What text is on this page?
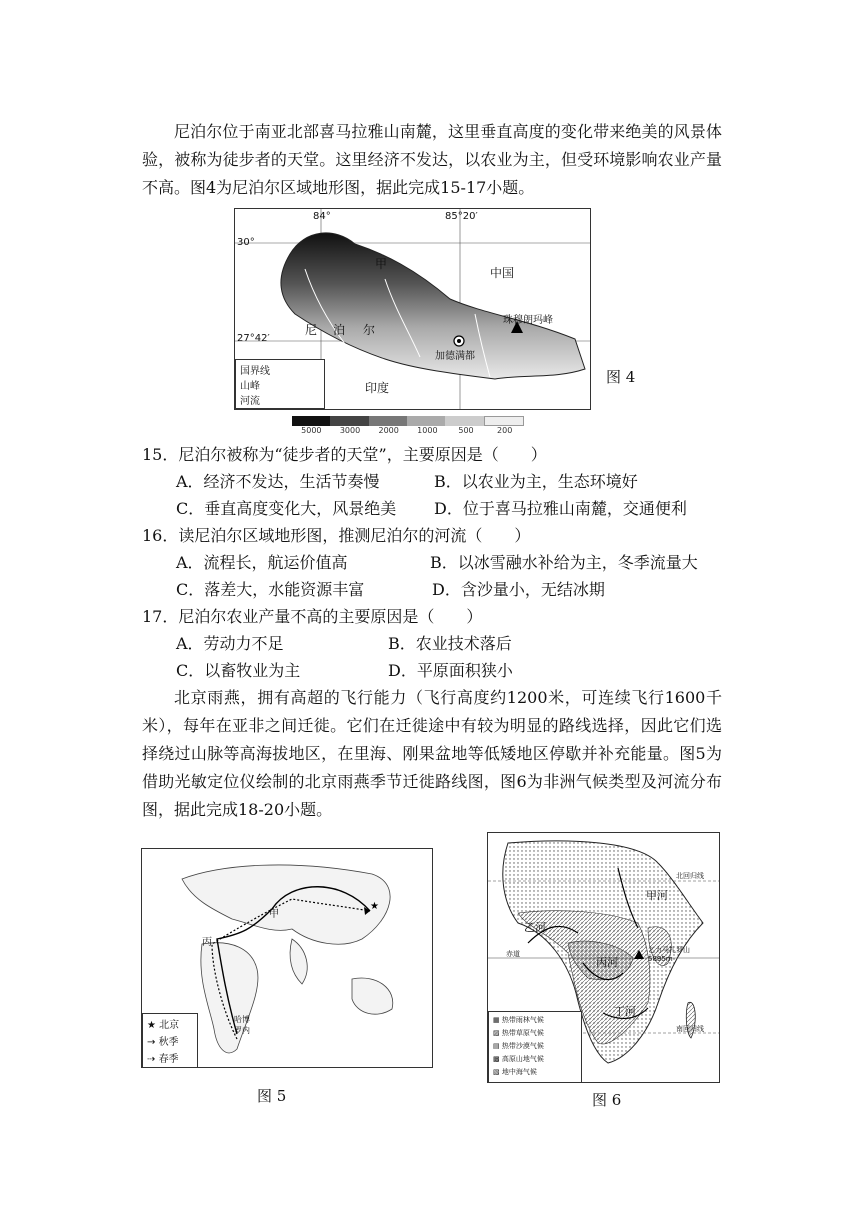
尼泊尔位于南亚北部喜马拉雅山南麓，这里垂直高度的变化带来绝美的风景体验，被称为徒步者的天堂。这里经济不发达，以农业为主，但受环境影响农业产量不高。图4为尼泊尔区域地形图，据此完成15-17小题。
84°	85°20′
30°
27°42′
甲
中国
珠穆朗玛峰
尼 泊 尔
加德满都
印度
国界线
山峰
河流
5000	3000	2000	1000	500	200
图 4
15．尼泊尔被称为“徒步者的天堂”，主要原因是（　　）
A．经济不发达，生活节奏慢	B．以农业为主，生态环境好
C．垂直高度变化大，风景绝美 D．位于喜马拉雅山南麓，交通便利
16．读尼泊尔区域地形图，推测尼泊尔的河流（　　）
A．流程长，航运价值高	B．以冰雪融水补给为主，冬季流量大
C．落差大，水能资源丰富	D．含沙量小，无结冰期
17．尼泊尔农业产量不高的主要原因是（　　）
A．劳动力不足	B．农业技术落后
C．以畜牧业为主	D．平原面积狭小
北京雨燕，拥有高超的飞行能力（飞行高度约1200米，可连续飞行1600千米），每年在亚非之间迁徙。它们在迁徙途中有较为明显的路线选择，因此它们选择绕过山脉等高海拔地区，在里海、刚果盆地等低矮地区停歇并补充能量。图5为借助光敏定位仪绘制的北京雨燕季节迁徙路线图，图6为非洲气候类型及河流分布图，据此完成18-20小题。
★
甲
丙
哈博罗内
★ 北京
→ 秋季
⇢ 春季
图 5
甲河
乙河
丙河
丁河
乞力马扎罗山
5895m
北回归线
赤道
南回归线
▦ 热带雨林气候
▨ 热带草原气候
▤ 热带沙漠气候
▩ 高原山地气候
▧ 地中海气候
图 6
